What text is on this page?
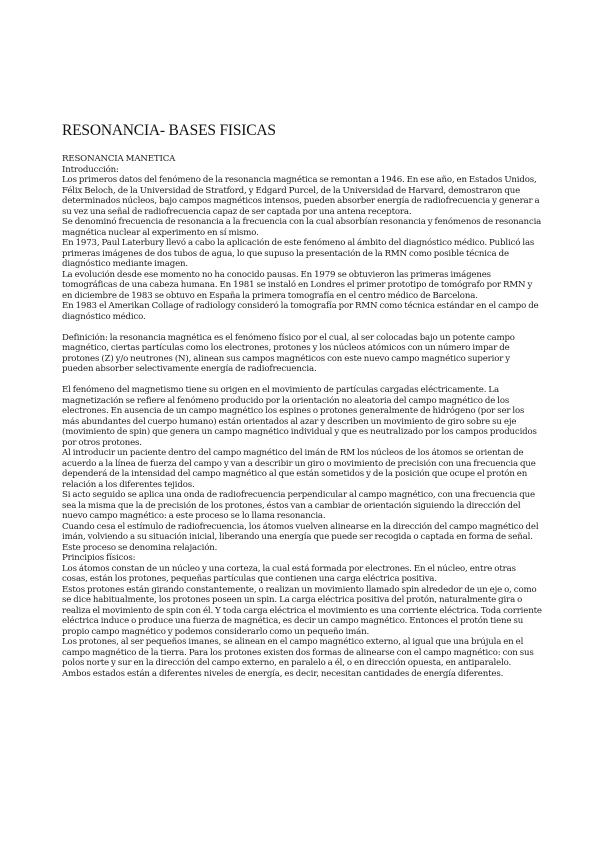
RESONANCIA- BASES FISICAS

RESONANCIA MANETICA

Introducción:

Los primeros datos del fenómeno de la resonancia magnética se remontan a 1946. En ese año, en Estados Unidos, Félix Beloch, de la Universidad de Stratford, y Edgard Purcel, de la Universidad de Harvard, demostraron que determinados núcleos, bajo campos magnéticos intensos, pueden absorber energía de radiofrecuencia y generar a su vez una señal de radiofrecuencia capaz de ser captada por una antena receptora.

Se denominó frecuencia de resonancia a la frecuencia con la cual absorbían resonancia y fenómenos de resonancia magnética nuclear al experimento en sí mismo.

En 1973, Paul Laterbury llevó a cabo la aplicación de este fenómeno al ámbito del diagnóstico médico. Publicó las primeras imágenes de dos tubos de agua, lo que supuso la presentación de la RMN como posible técnica de diagnóstico mediante imagen.

La evolución desde ese momento no ha conocido pausas. En 1979 se obtuvieron las primeras imágenes tomográficas de una cabeza humana. En 1981 se instaló en Londres el primer prototipo de tomógrafo por RMN y en diciembre de 1983 se obtuvo en España la primera tomografía en el centro médico de Barcelona.

En 1983 el Amerikan Collage of radiology consideró la tomografía por RMN como técnica estándar en el campo de diagnóstico médico.

Definición: la resonancia magnética es el fenómeno físico por el cual, al ser colocadas bajo un potente campo magnético, ciertas partículas como los electrones, protones y los núcleos atómicos con un número impar de protones (Z) y/o neutrones (N), alinean sus campos magnéticos con este nuevo campo magnético superior y pueden absorber selectivamente energía de radiofrecuencia.

El fenómeno del magnetismo tiene su origen en el movimiento de partículas cargadas eléctricamente. La magnetización se refiere al fenómeno producido por la orientación no aleatoria del campo magnético de los electrones. En ausencia de un campo magnético los espines o protones generalmente de hidrógeno (por ser los más abundantes del cuerpo humano) están orientados al azar y describen un movimiento de giro sobre su eje (movimiento de spin) que genera un campo magnético individual y que es neutralizado por los campos producidos por otros protones.

Al introducir un paciente dentro del campo magnético del imán de RM los núcleos de los átomos se orientan de acuerdo a la línea de fuerza del campo y van a describir un giro o movimiento de precisión con una frecuencia que dependerá de la intensidad del campo magnético al que están sometidos y de la posición que ocupe el protón en relación a los diferentes tejidos.

Si acto seguido se aplica una onda de radiofrecuencia perpendicular al campo magnético, con una frecuencia que sea la misma que la de precisión de los protones, éstos van a cambiar de orientación siguiendo la dirección del nuevo campo magnético: a este proceso se lo llama resonancia.

Cuando cesa el estímulo de radiofrecuencia, los átomos vuelven alinearse en la dirección del campo magnético del imán, volviendo a su situación inicial, liberando una energía que puede ser recogida o captada en forma de señal. Este proceso se denomina relajación.

Principios físicos:

Los átomos constan de un núcleo y una corteza, la cual está formada por electrones. En el núcleo, entre otras cosas, están los protones, pequeñas partículas que contienen una carga eléctrica positiva.

Estos protones están girando constantemente, o realizan un movimiento llamado spin alrededor de un eje o, como se dice habitualmente, los protones poseen un spin. La carga eléctrica positiva del protón, naturalmente gira o realiza el movimiento de spin con él. Y toda carga eléctrica el movimiento es una corriente eléctrica. Toda corriente eléctrica induce o produce una fuerza de magnética, es decir un campo magnético. Entonces el protón tiene su propio campo magnético y podemos considerarlo como un pequeño imán.

Los protones, al ser pequeños imanes, se alinean en el campo magnético externo, al igual que una brújula en el campo magnético de la tierra. Para los protones existen dos formas de alinearse con el campo magnético: con sus polos norte y sur en la dirección del campo externo, en paralelo a él, o en dirección opuesta, en antiparalelo.

Ambos estados están a diferentes niveles de energía, es decir, necesitan cantidades de energía diferentes.
